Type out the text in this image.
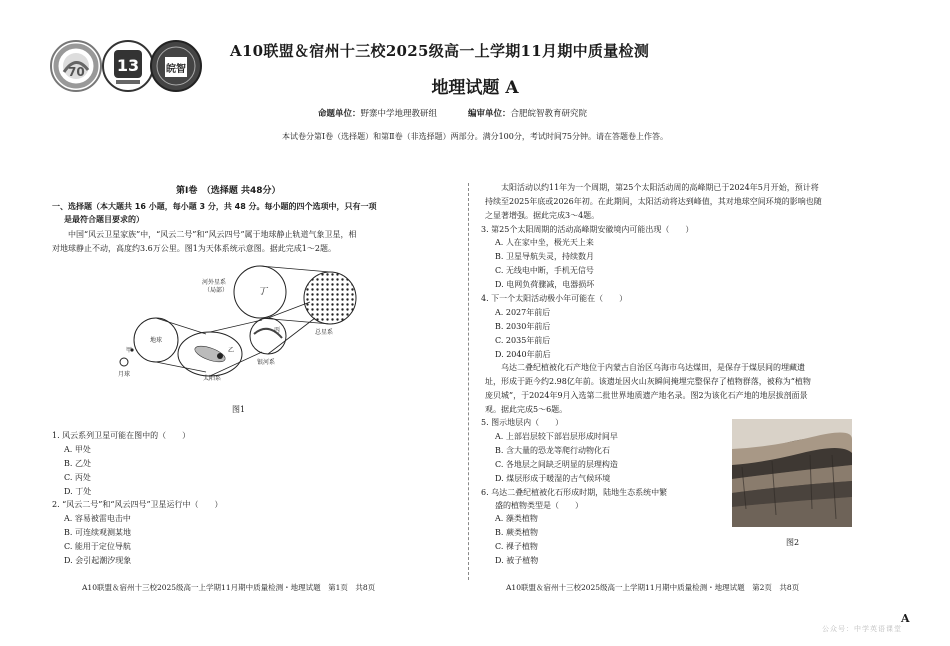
70 13	皖智
A10联盟＆宿州十三校2025级高一上学期11月期中质量检测
地理试题 A
命题单位：野寨中学地理教研组	编审单位：合肥皖智教育研究院
本试卷分第Ⅰ卷（选择题）和第Ⅱ卷（非选择题）两部分。满分100分，考试时间75分钟。请在答题卷上作答。
第Ⅰ卷　（选择题 共48分）
一、选择题（本大题共 16 小题，每小题 3 分，共 48 分。每小题的四个选项中，只有一项
是最符合题目要求的）
中国“风云卫星家族”中，“风云二号”和“风云四号”属于地球静止轨道气象卫星，相
对地球静止不动，高度约3.6万公里。图1为天体系统示意图。据此完成1～2题。
河外星系
（局部）	丁
总星系
丙
银河系
地球
甲	乙
月球
太阳系
图1
1. 风云系列卫星可能在图中的（　　）
A. 甲处
B. 乙处
C. 丙处
D. 丁处
2. “风云二号”和“风云四号”卫星运行中（　　）
A. 容易被雷电击中
B. 可连续观测某地
C. 能用于定位导航
D. 会引起潮汐现象
A10联盟＆宿州十三校2025级高一上学期11月期中质量检测・地理试题　第1页　共8页
太阳活动以约11年为一个周期，第25个太阳活动周的高峰期已于2024年5月开始，预计将
持续至2025年底或2026年初。在此期间，太阳活动将达到峰值，其对地球空间环境的影响也随
之显著增强。据此完成3～4题。
3. 第25个太阳周期的活动高峰期安徽境内可能出现（　　）
A. 人在家中坐，极光天上来
B. 卫星导航失灵，持续数月
C. 无线电中断，手机无信号
D. 电网负荷骤减，电器损坏
4. 下一个太阳活动极小年可能在（　　）
A. 2027年前后
B. 2030年前后
C. 2035年前后
D. 2040年前后
乌达二叠纪植被化石产地位于内蒙古自治区乌海市乌达煤田，是保存于煤层间的埋藏遗
址，形成于距今约2.98亿年前。该遗址因火山灰瞬间掩埋完整保存了植物群落，被称为“植物
庞贝城”，于2024年9月入选第二批世界地质遗产地名录。图2为该化石产地的地层拔剖面景
观。据此完成5～6题。
5. 图示地层内（　　）
A. 上部岩层较下部岩层形成时间早
B. 含大量的恐龙等爬行动物化石
C. 各地层之间缺乏明显的层理构造
D. 煤层形成于暖湿的古气候环境
6. 乌达二叠纪植被化石形成时期，陆地生态系统中繁
盛的植物类型是（　　）
A. 藻类植物
B. 蕨类植物
C. 裸子植物
D. 被子植物
图2
A10联盟＆宿州十三校2025级高一上学期11月期中质量检测・地理试题　第2页　共8页
A
公众号：中学英语课堂
